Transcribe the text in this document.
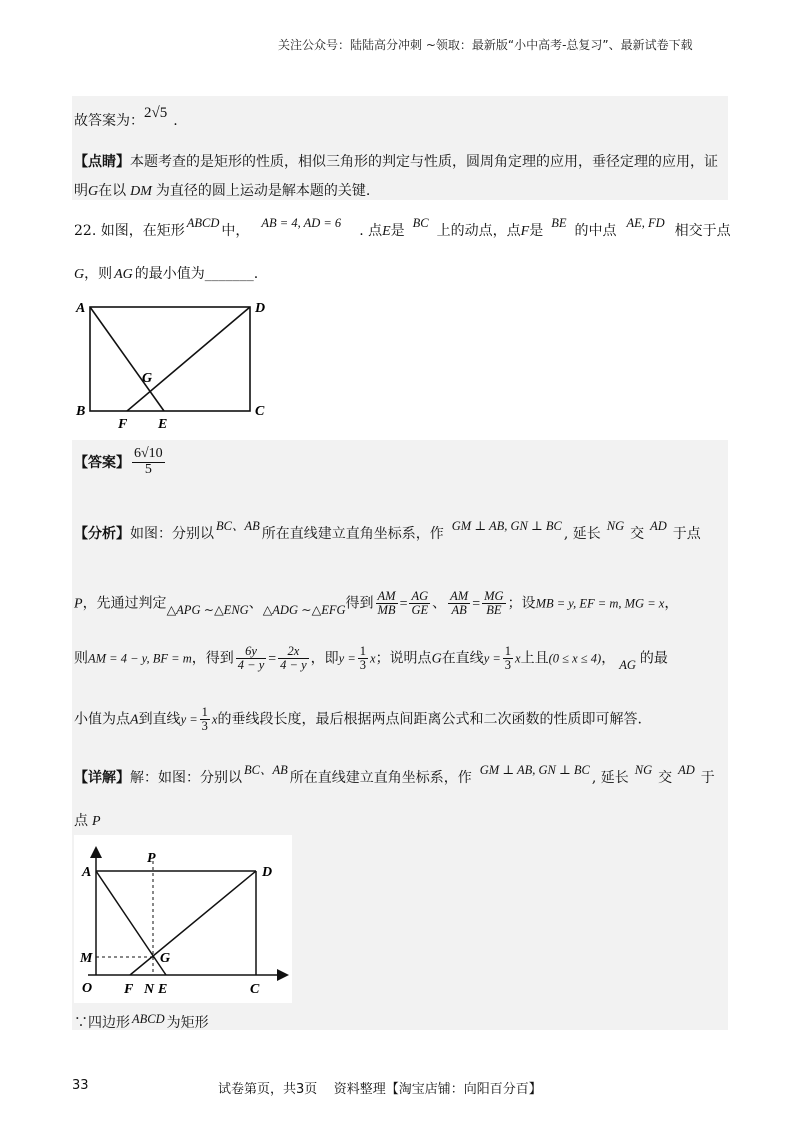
关注公众号：陆陆高分冲刺 ~领取：最新版“小中高考-总复习”、最新试卷下载
故答案为：2√5 .
【点睛】本题考查的是矩形的性质，相似三角形的判定与性质，圆周角定理的应用，垂径定理的应用，证
明G在以 DM 为直径的圆上运动是解本题的关键.
22. 如图，在矩形 ABCD 中， AB = 4, AD = 6 . 点E是 BC 上的动点，点F是 BE 的中点 AE, FD 相交于点
G，则 AG 的最小值为_______.
A	D
B	C
G
F E
【答案】 $\frac{6√10}{5}$
【分析】如图：分别以 BC、AB 所在直线建立直角坐标系，作 GM ⊥ AB, GN ⊥ BC , 延长 NG 交 AD 于点
P，先通过判定△APG ∼△ENG、△ADG ∼△EFG得到 $\frac{AM}{MB} = \frac{AG}{GE}$ 、 $\frac{AM}{AB} = \frac{MG}{BE}$ ；设MB = y, EF = m, MG = x，
则AM = 4 − y, BF = m，得到 $\frac{6y}{4 - y} = \frac{2x}{4 - y}$ ，即$y = \frac{1}{3}$ x；说明点G在直线$y = \frac{1}{3}$ x上且(0 ≤ x ≤ 4)， AG 的最
小值为点A到直线$y = \frac{1}{3}$ x的垂线段长度，最后根据两点间距离公式和二次函数的性质即可解答.
【详解】解：如图：分别以 BC、AB 所在直线建立直角坐标系，作 GM ⊥ AB, GN ⊥ BC , 延长 NG 交 AD 于
点 P
A
P
D
M	G
O F N E	C
∵四边形 ABCD 为矩形
33	试卷第页，共3页    资料整理【淘宝店铺：向阳百分百】
